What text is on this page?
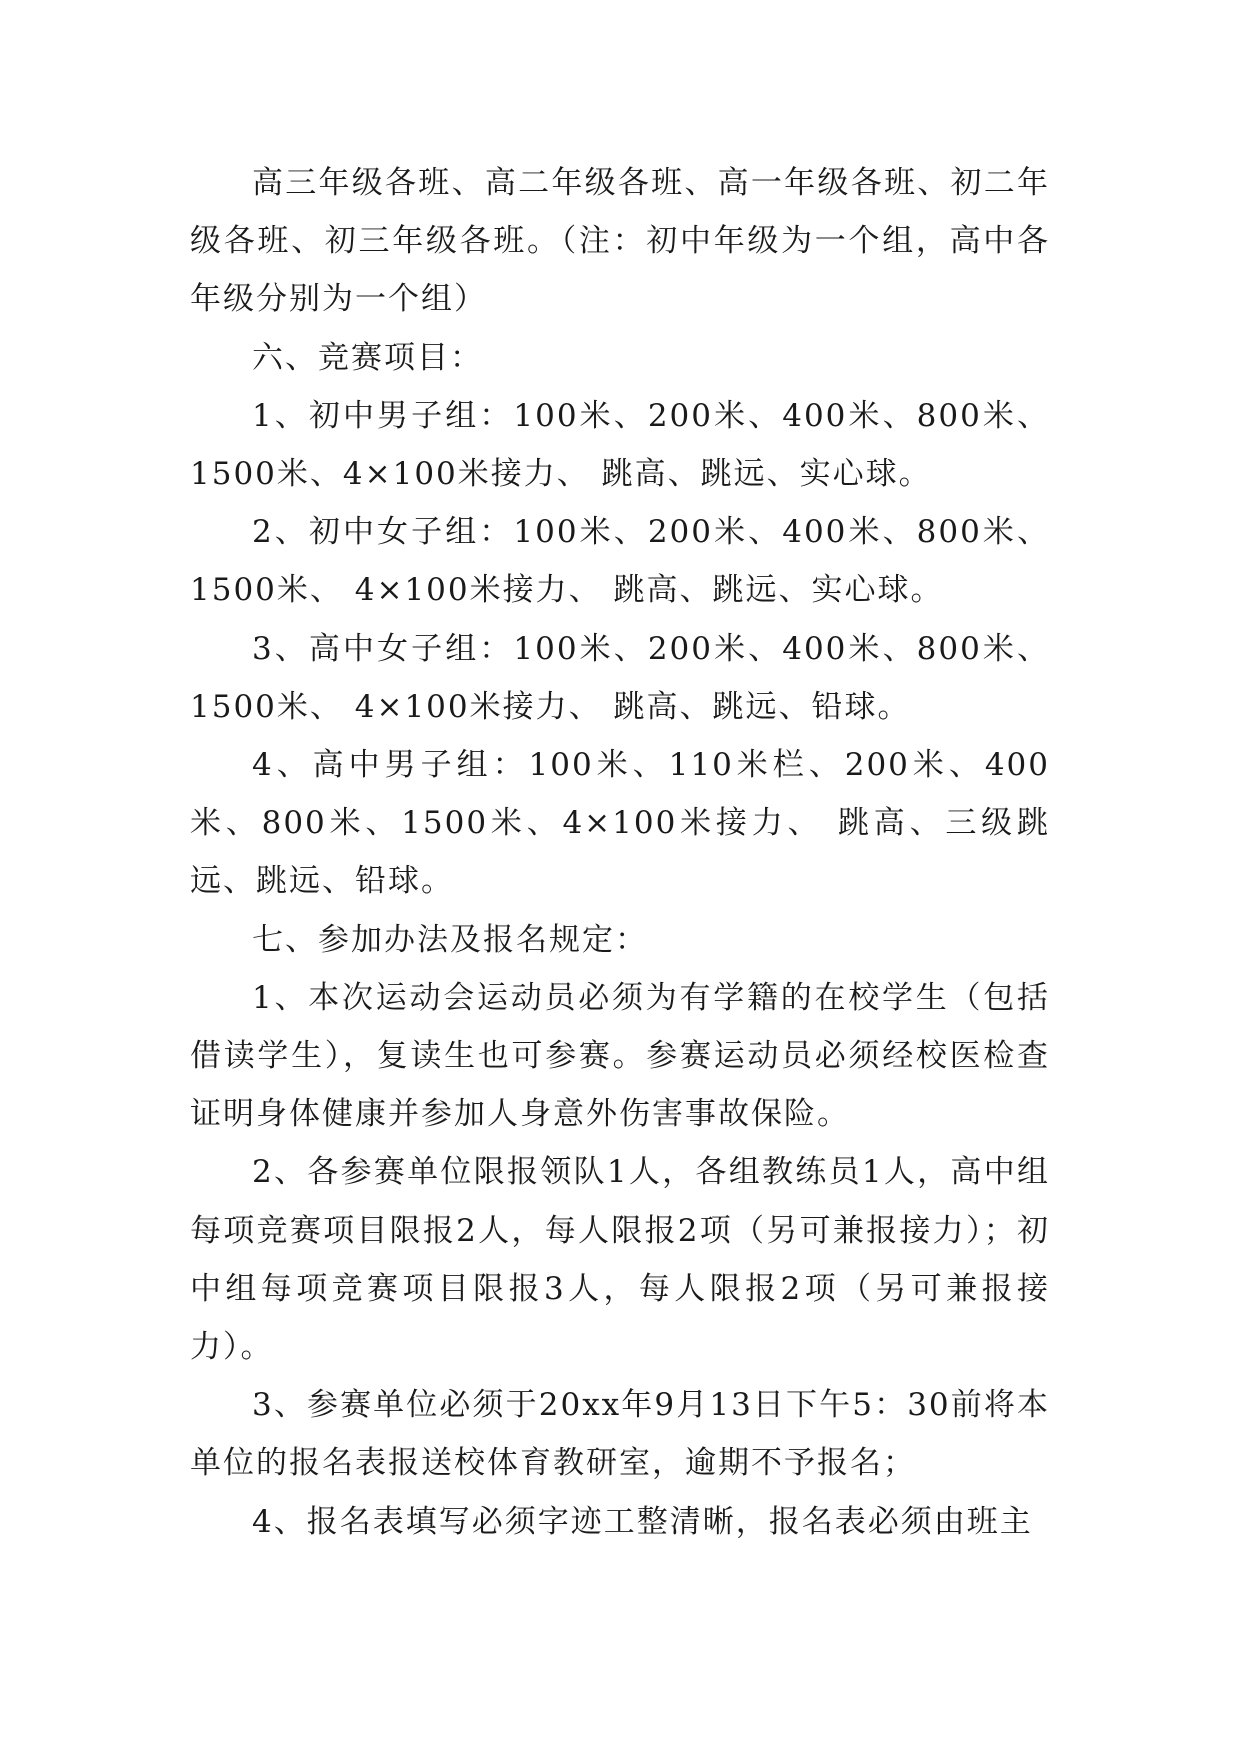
高三年级各班、高二年级各班、高一年级各班、初二年级各班、初三年级各班。（注：初中年级为一个组，高中各年级分别为一个组）

六、竞赛项目：

1、初中男子组：100米、200米、400米、800米、1500米、4×100米接力、 跳高、跳远、实心球。

2、初中女子组：100米、200米、400米、800米、1500米、 4×100米接力、 跳高、跳远、实心球。

3、高中女子组：100米、200米、400米、800米、1500米、 4×100米接力、 跳高、跳远、铅球。

4、高中男子组：100米、110米栏、200米、400米、800米、1500米、4×100米接力、 跳高、三级跳远、跳远、铅球。

七、参加办法及报名规定：

1、本次运动会运动员必须为有学籍的在校学生（包括借读学生），复读生也可参赛。参赛运动员必须经校医检查证明身体健康并参加人身意外伤害事故保险。

2、各参赛单位限报领队1人，各组教练员1人，高中组每项竞赛项目限报2人，每人限报2项（另可兼报接力）；初中组每项竞赛项目限报3人，每人限报2项（另可兼报接力）。

3、参赛单位必须于20xx年9月13日下午5：30前将本单位的报名表报送校体育教研室，逾期不予报名；

4、报名表填写必须字迹工整清晰，报名表必须由班主
